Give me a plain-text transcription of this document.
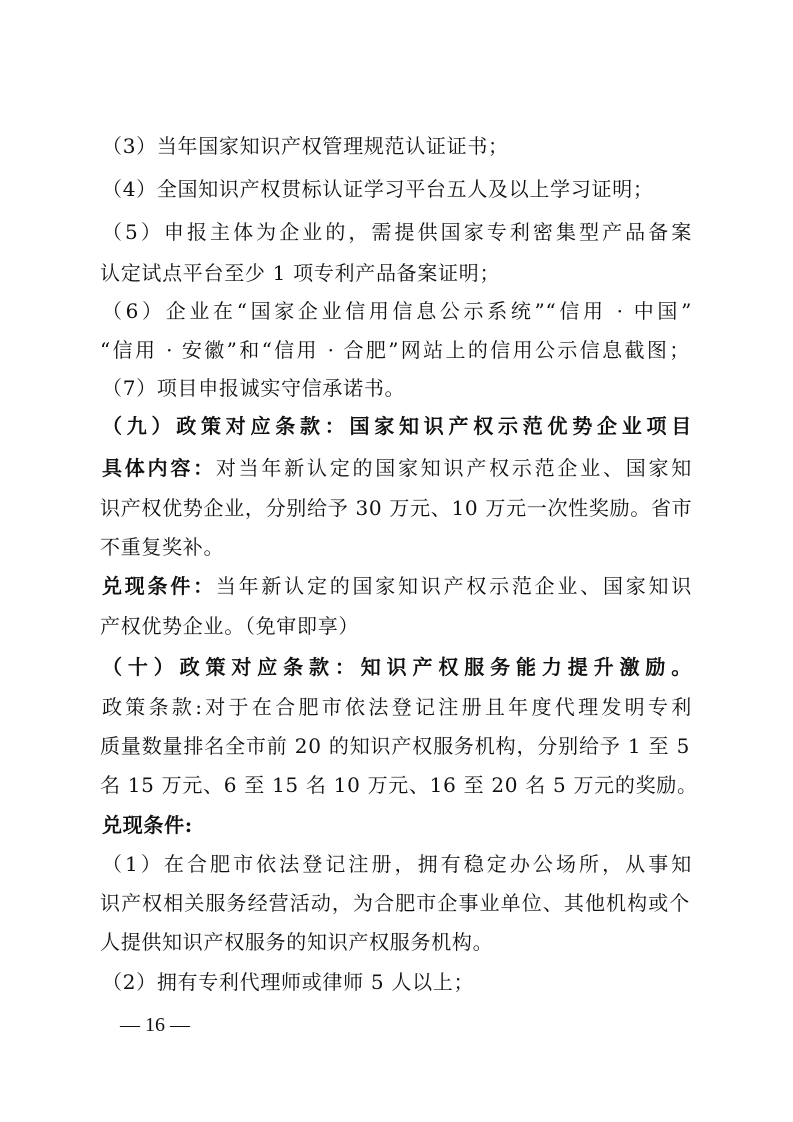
（3）当年国家知识产权管理规范认证证书；
（4）全国知识产权贯标认证学习平台五人及以上学习证明；
（5）申报主体为企业的，需提供国家专利密集型产品备案
认定试点平台至少 1 项专利产品备案证明；
（6）企业在“国家企业信用信息公示系统”“信用 · 中国”
“信用 · 安徽”和“信用 · 合肥”网站上的信用公示信息截图；
（7）项目申报诚实守信承诺书。
（九）政策对应条款：国家知识产权示范优势企业项目
具体内容：对当年新认定的国家知识产权示范企业、国家知
识产权优势企业，分别给予 30 万元、10 万元一次性奖励。省市
不重复奖补。
兑现条件：当年新认定的国家知识产权示范企业、国家知识
产权优势企业。（免审即享）
（十）政策对应条款：知识产权服务能力提升激励。
政策条款:对于在合肥市依法登记注册且年度代理发明专利
质量数量排名全市前 20 的知识产权服务机构，分别给予 1 至 5
名 15 万元、6 至 15 名 10 万元、16 至 20 名 5 万元的奖励。
兑现条件:
（1）在合肥市依法登记注册，拥有稳定办公场所，从事知
识产权相关服务经营活动，为合肥市企事业单位、其他机构或个
人提供知识产权服务的知识产权服务机构。
（2）拥有专利代理师或律师 5 人以上；
— 16 —
